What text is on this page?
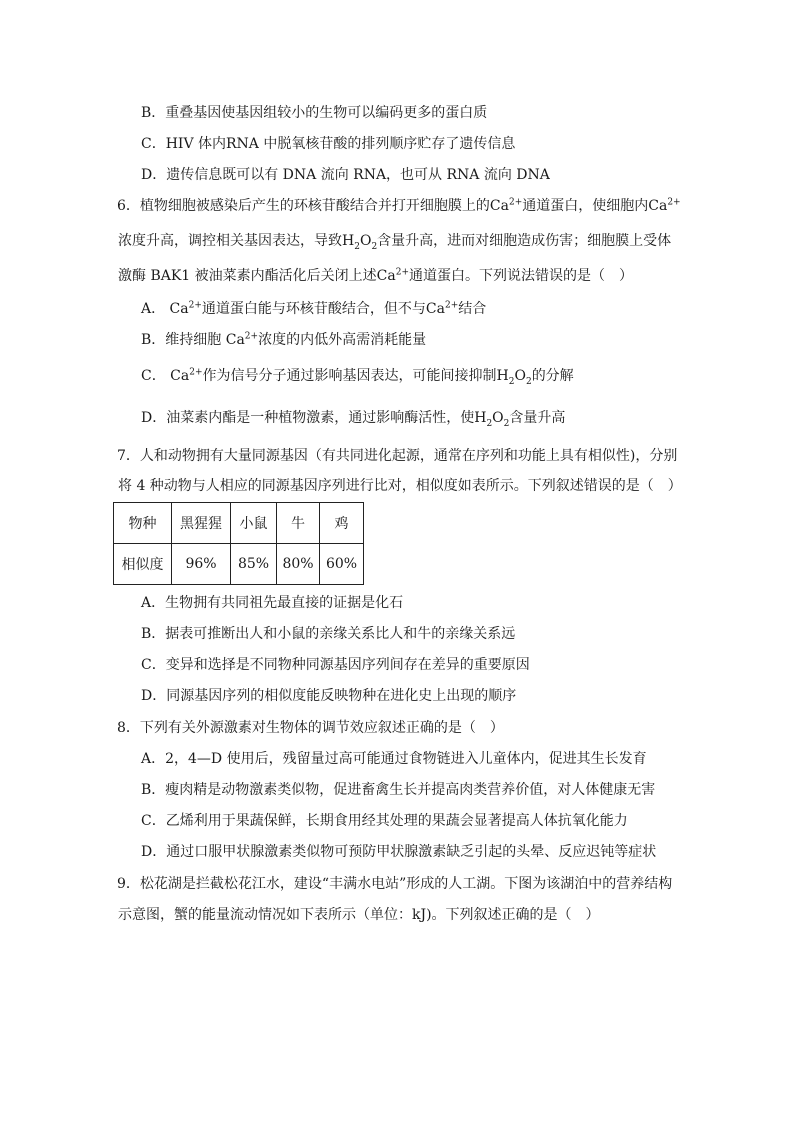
B．重叠基因使基因组较小的生物可以编码更多的蛋白质
C．HIV 体内RNA 中脱氧核苷酸的排列顺序贮存了遗传信息
D．遗传信息既可以有 DNA 流向 RNA，也可从 RNA 流向 DNA
6．植物细胞被感染后产生的环核苷酸结合并打开细胞膜上的$Ca^{2+}$通道蛋白，使细胞内$Ca^{2+}$
浓度升高，调控相关基因表达，导致$H_2O_2$含量升高，进而对细胞造成伤害；细胞膜上受体
激酶 BAK1 被油菜素内酯活化后关闭上述$Ca^{2+}$通道蛋白。下列说法错误的是（　）
A． $Ca^{2+}$通道蛋白能与环核苷酸结合，但不与$Ca^{2+}$结合
B．维持细胞 $Ca^{2+}$浓度的内低外高需消耗能量
C． $Ca^{2+}$作为信号分子通过影响基因表达，可能间接抑制$H_2O_2$的分解
D．油菜素内酯是一种植物激素，通过影响酶活性，使$H_2O_2$含量升高
7．人和动物拥有大量同源基因（有共同进化起源，通常在序列和功能上具有相似性)，分别
将 4 种动物与人相应的同源基因序列进行比对，相似度如表所示。下列叙述错误的是（　）
物种	黑猩猩	小鼠	牛	鸡
相似度	96%	85%	80%	60%
A．生物拥有共同祖先最直接的证据是化石
B．据表可推断出人和小鼠的亲缘关系比人和牛的亲缘关系远
C．变异和选择是不同物种同源基因序列间存在差异的重要原因
D．同源基因序列的相似度能反映物种在进化史上出现的顺序
8．下列有关外源激素对生物体的调节效应叙述正确的是（　）
A．2，4—D 使用后，残留量过高可能通过食物链进入儿童体内，促进其生长发育
B．瘦肉精是动物激素类似物，促进畜禽生长并提高肉类营养价值，对人体健康无害
C．乙烯利用于果蔬保鲜，长期食用经其处理的果蔬会显著提高人体抗氧化能力
D．通过口服甲状腺激素类似物可预防甲状腺激素缺乏引起的头晕、反应迟钝等症状
9．松花湖是拦截松花江水，建设“丰满水电站”形成的人工湖。下图为该湖泊中的营养结构
示意图，蟹的能量流动情况如下表所示（单位：kJ)。下列叙述正确的是（　）
